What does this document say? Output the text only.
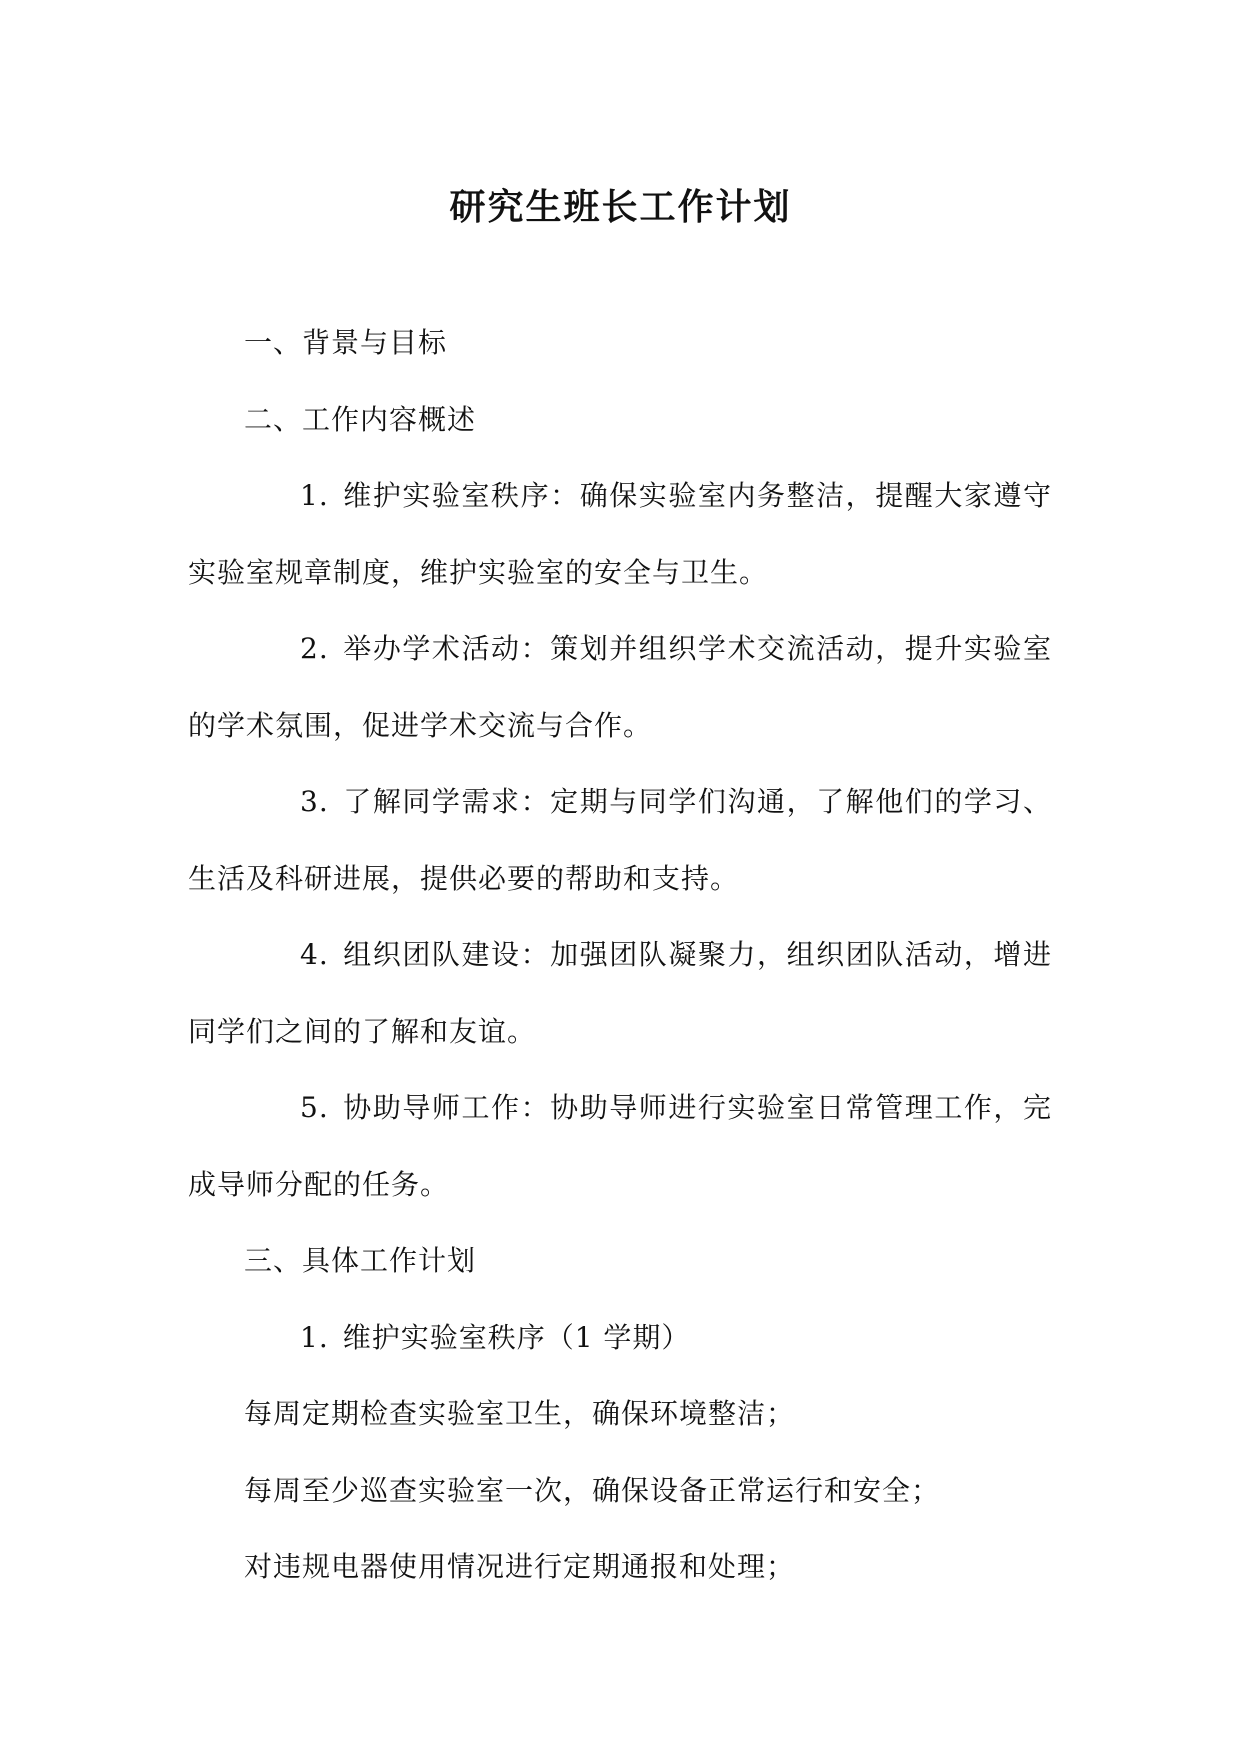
研究生班长工作计划

一、背景与目标

二、工作内容概述

1. 维护实验室秩序：确保实验室内务整洁，提醒大家遵守实验室规章制度，维护实验室的安全与卫生。

2. 举办学术活动：策划并组织学术交流活动，提升实验室的学术氛围，促进学术交流与合作。

3. 了解同学需求：定期与同学们沟通，了解他们的学习、生活及科研进展，提供必要的帮助和支持。

4. 组织团队建设：加强团队凝聚力，组织团队活动，增进同学们之间的了解和友谊。

5. 协助导师工作：协助导师进行实验室日常管理工作，完成导师分配的任务。

三、具体工作计划

1. 维护实验室秩序（1 学期）

每周定期检查实验室卫生，确保环境整洁；

每周至少巡查实验室一次，确保设备正常运行和安全；

对违规电器使用情况进行定期通报和处理；
